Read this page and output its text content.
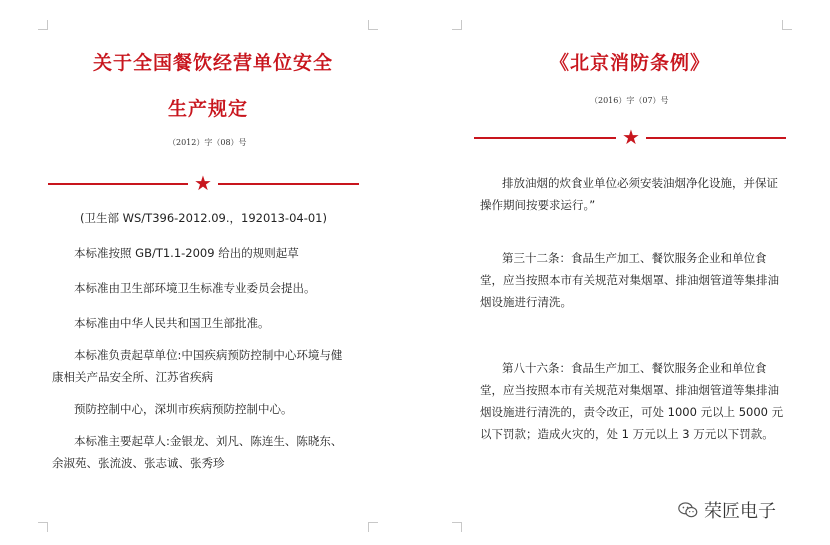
关于全国餐饮经营单位安全
生产规定
（2012）字（08）号
★
(卫生部 WS/T396-2012.09.，192013-04-01)
本标准按照 GB/T1.1-2009 给出的规则起草
本标准由卫生部环境卫生标准专业委员会提出。
本标准由中华人民共和国卫生部批准。
本标准负责起草单位:中国疾病预防控制中心环境与健康相关产品安全所、江苏省疾病
预防控制中心，深圳市疾病预防控制中心。
本标准主要起草人:金银龙、刘凡、陈连生、陈晓东、余淑苑、张流波、张志诚、张秀珍
《北京消防条例》
（2016）字（07）号
★
排放油烟的炊食业单位必须安装油烟净化设施，并保证操作期间按要求运行。”
第三十二条：食品生产加工、餐饮服务企业和单位食堂，应当按照本市有关规范对集烟罩、排油烟管道等集排油烟设施进行清洗。
第八十六条：食品生产加工、餐饮服务企业和单位食堂，应当按照本市有关规范对集烟罩、排油烟管道等集排油烟设施进行清洗的，责令改正，可处 1000 元以上 5000 元以下罚款；造成火灾的，处 1 万元以上 3 万元以下罚款。
荣匠电子
